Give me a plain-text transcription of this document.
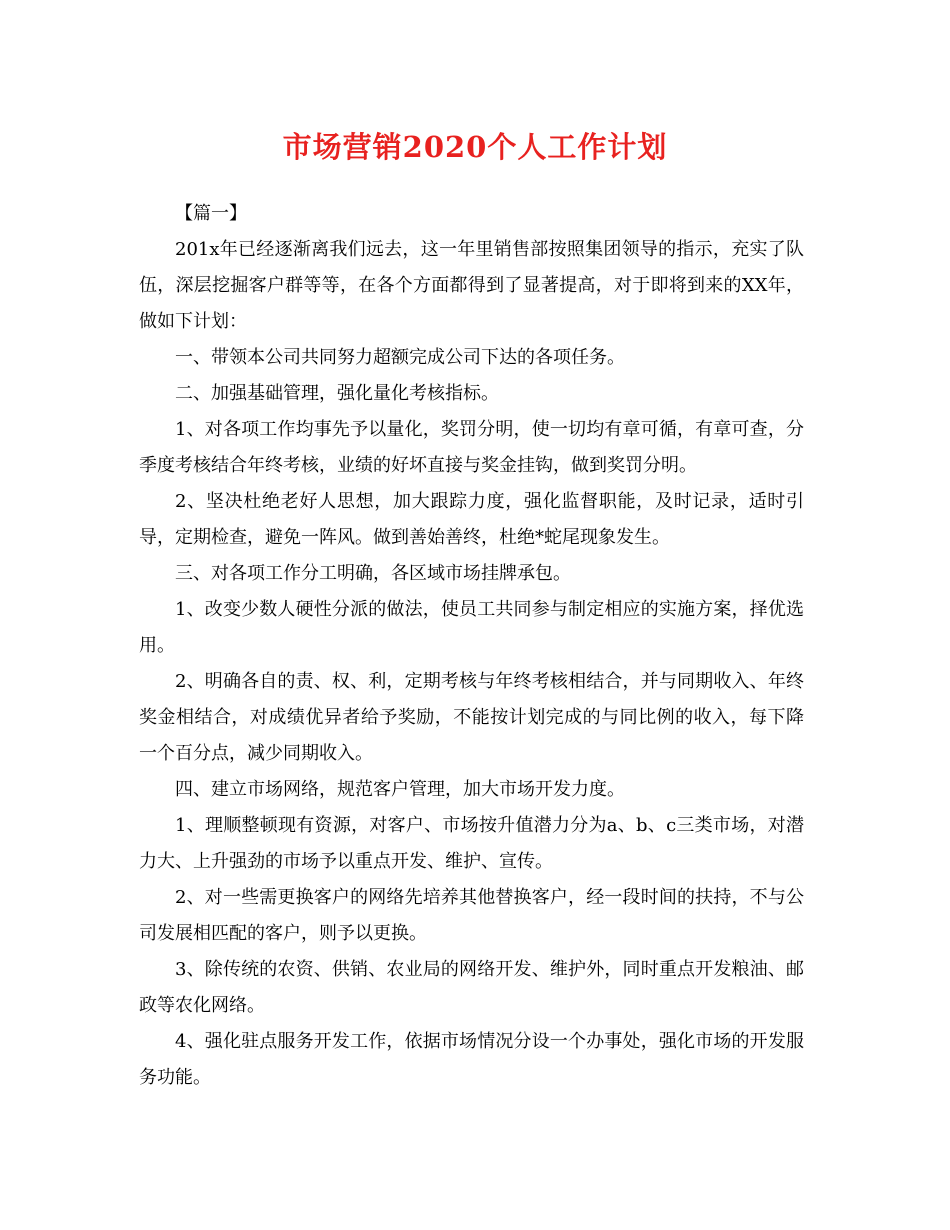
市场营销2020个人工作计划

【篇一】

201x年已经逐渐离我们远去，这一年里销售部按照集团领导的指示，充实了队伍，深层挖掘客户群等等，在各个方面都得到了显著提高，对于即将到来的XX年，做如下计划：

一、带领本公司共同努力超额完成公司下达的各项任务。

二、加强基础管理，强化量化考核指标。

1、对各项工作均事先予以量化，奖罚分明，使一切均有章可循，有章可查，分季度考核结合年终考核，业绩的好坏直接与奖金挂钩，做到奖罚分明。

2、坚决杜绝老好人思想，加大跟踪力度，强化监督职能，及时记录，适时引导，定期检查，避免一阵风。做到善始善终，杜绝*蛇尾现象发生。

三、对各项工作分工明确，各区域市场挂牌承包。

1、改变少数人硬性分派的做法，使员工共同参与制定相应的实施方案，择优选用。

2、明确各自的责、权、利，定期考核与年终考核相结合，并与同期收入、年终奖金相结合，对成绩优异者给予奖励，不能按计划完成的与同比例的收入，每下降一个百分点，减少同期收入。

四、建立市场网络，规范客户管理，加大市场开发力度。

1、理顺整顿现有资源，对客户、市场按升值潜力分为a、b、c三类市场，对潜力大、上升强劲的市场予以重点开发、维护、宣传。

2、对一些需更换客户的网络先培养其他替换客户，经一段时间的扶持，不与公司发展相匹配的客户，则予以更换。

3、除传统的农资、供销、农业局的网络开发、维护外，同时重点开发粮油、邮政等农化网络。

4、强化驻点服务开发工作，依据市场情况分设一个办事处，强化市场的开发服务功能。
